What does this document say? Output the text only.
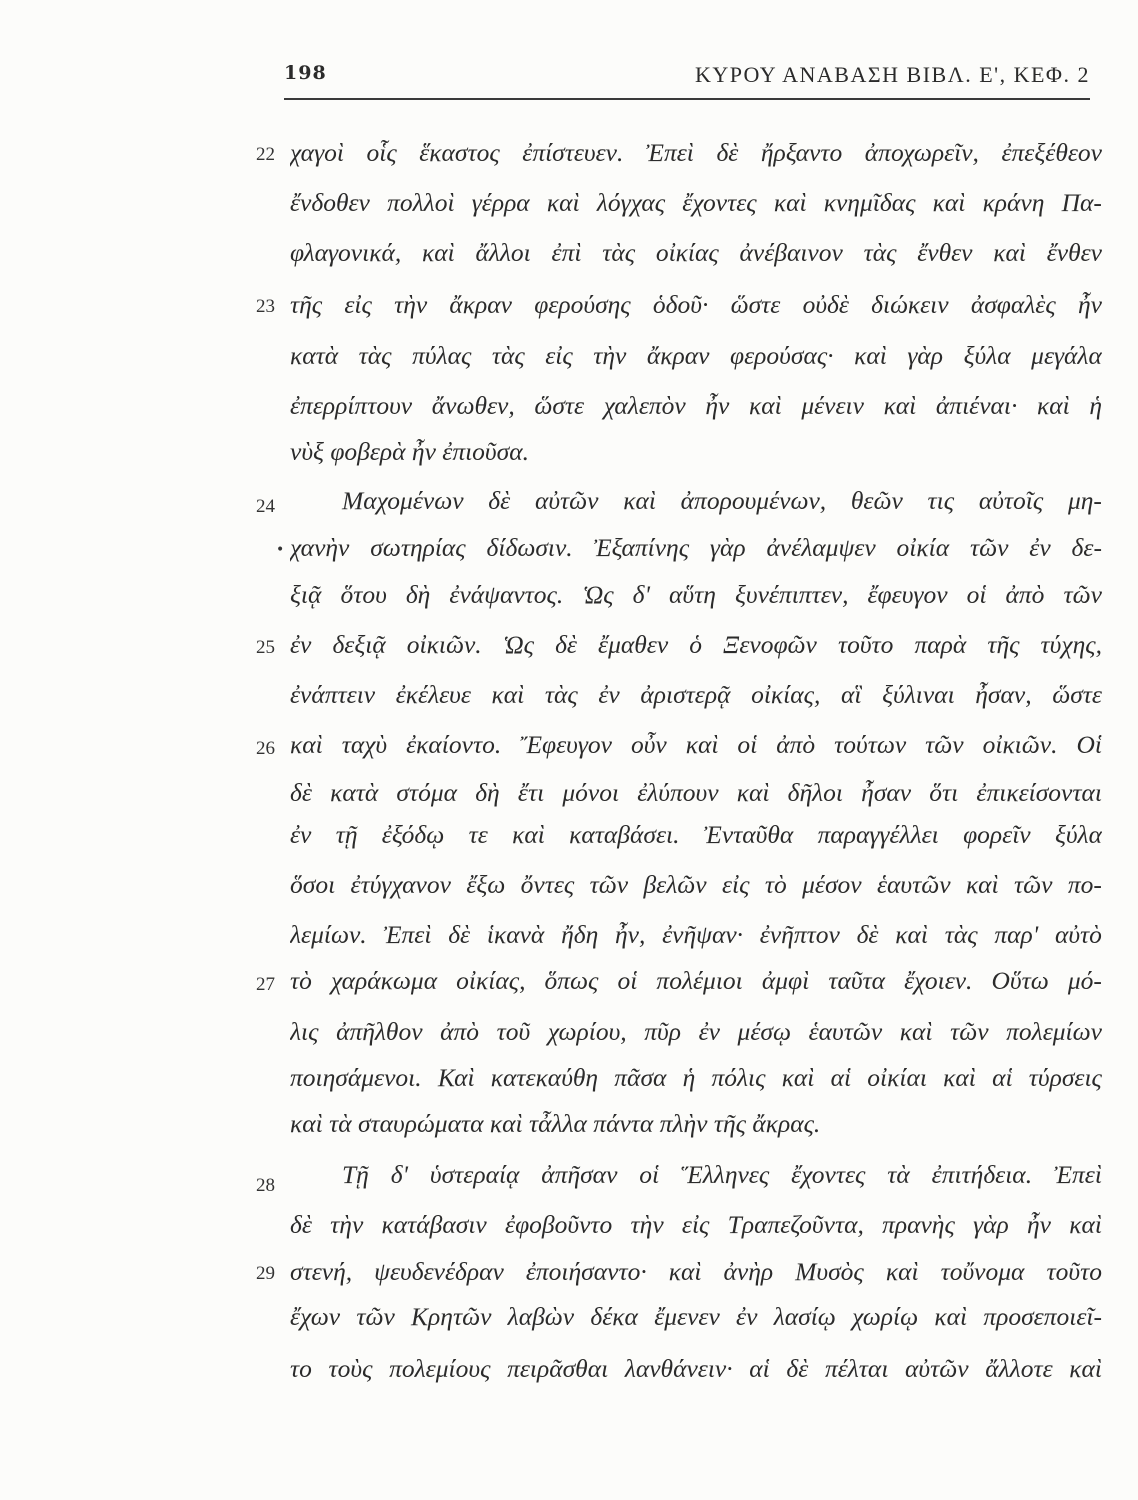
198	ΚΥΡΟΥ ΑΝΑΒΑΣΗ ΒΙΒΛ. Ε', ΚΕΦ. 2
22
23
24
25
26
27
28
29
•
χαγοὶ οἷς ἕκαστος ἐπίστευεν. Ἐπεὶ δὲ ἤρξαντο ἀποχωρεῖν, ἐπεξέθεον
ἔνδοθεν πολλοὶ γέρρα καὶ λόγχας ἔχοντες καὶ κνημῖδας καὶ κράνη Πα-
φλαγονικά, καὶ ἄλλοι ἐπὶ τὰς οἰκίας ἀνέβαινον τὰς ἔνθεν καὶ ἔνθεν
τῆς εἰς τὴν ἄκραν φερούσης ὁδοῦ· ὥστε οὐδὲ διώκειν ἀσφαλὲς ἦν
κατὰ τὰς πύλας τὰς εἰς τὴν ἄκραν φερούσας· καὶ γὰρ ξύλα μεγάλα
ἐπερρίπτουν ἄνωθεν, ὥστε χαλεπὸν ἦν καὶ μένειν καὶ ἀπιέναι· καὶ ἡ
νὺξ φοβερὰ ἦν ἐπιοῦσα.
Μαχομένων δὲ αὐτῶν καὶ ἀπορουμένων, θεῶν τις αὐτοῖς μη-
χανὴν σωτηρίας δίδωσιν. Ἐξαπίνης γὰρ ἀνέλαμψεν οἰκία τῶν ἐν δε-
ξιᾷ ὅτου δὴ ἐνάψαντος. Ὡς δ' αὕτη ξυνέπιπτεν, ἔφευγον οἱ ἀπὸ τῶν
ἐν δεξιᾷ οἰκιῶν. Ὡς δὲ ἔμαθεν ὁ Ξενοφῶν τοῦτο παρὰ τῆς τύχης,
ἐνάπτειν ἐκέλευε καὶ τὰς ἐν ἀριστερᾷ οἰκίας, αἳ ξύλιναι ἦσαν, ὥστε
καὶ ταχὺ ἐκαίοντο. Ἔφευγον οὖν καὶ οἱ ἀπὸ τούτων τῶν οἰκιῶν. Οἱ
δὲ κατὰ στόμα δὴ ἔτι μόνοι ἐλύπουν καὶ δῆλοι ἦσαν ὅτι ἐπικείσονται
ἐν τῇ ἐξόδῳ τε καὶ καταβάσει. Ἐνταῦθα παραγγέλλει φορεῖν ξύλα
ὅσοι ἐτύγχανον ἔξω ὄντες τῶν βελῶν εἰς τὸ μέσον ἑαυτῶν καὶ τῶν πο-
λεμίων. Ἐπεὶ δὲ ἱκανὰ ἤδη ἦν, ἐνῆψαν· ἐνῆπτον δὲ καὶ τὰς παρ' αὐτὸ
τὸ χαράκωμα οἰκίας, ὅπως οἱ πολέμιοι ἀμφὶ ταῦτα ἔχοιεν. Οὕτω μό-
λις ἀπῆλθον ἀπὸ τοῦ χωρίου, πῦρ ἐν μέσῳ ἑαυτῶν καὶ τῶν πολεμίων
ποιησάμενοι. Καὶ κατεκαύθη πᾶσα ἡ πόλις καὶ αἱ οἰκίαι καὶ αἱ τύρσεις
καὶ τὰ σταυρώματα καὶ τἆλλα πάντα πλὴν τῆς ἄκρας.
Τῇ δ' ὑστεραίᾳ ἀπῆσαν οἱ Ἕλληνες ἔχοντες τὰ ἐπιτήδεια. Ἐπεὶ
δὲ τὴν κατάβασιν ἐφοβοῦντο τὴν εἰς Τραπεζοῦντα, πρανὴς γὰρ ἦν καὶ
στενή, ψευδενέδραν ἐποιήσαντο· καὶ ἀνὴρ Μυσὸς καὶ τοὔνομα τοῦτο
ἔχων τῶν Κρητῶν λαβὼν δέκα ἔμενεν ἐν λασίῳ χωρίῳ καὶ προσεποιεῖ-
το τοὺς πολεμίους πειρᾶσθαι λανθάνειν· αἱ δὲ πέλται αὐτῶν ἄλλοτε καὶ
